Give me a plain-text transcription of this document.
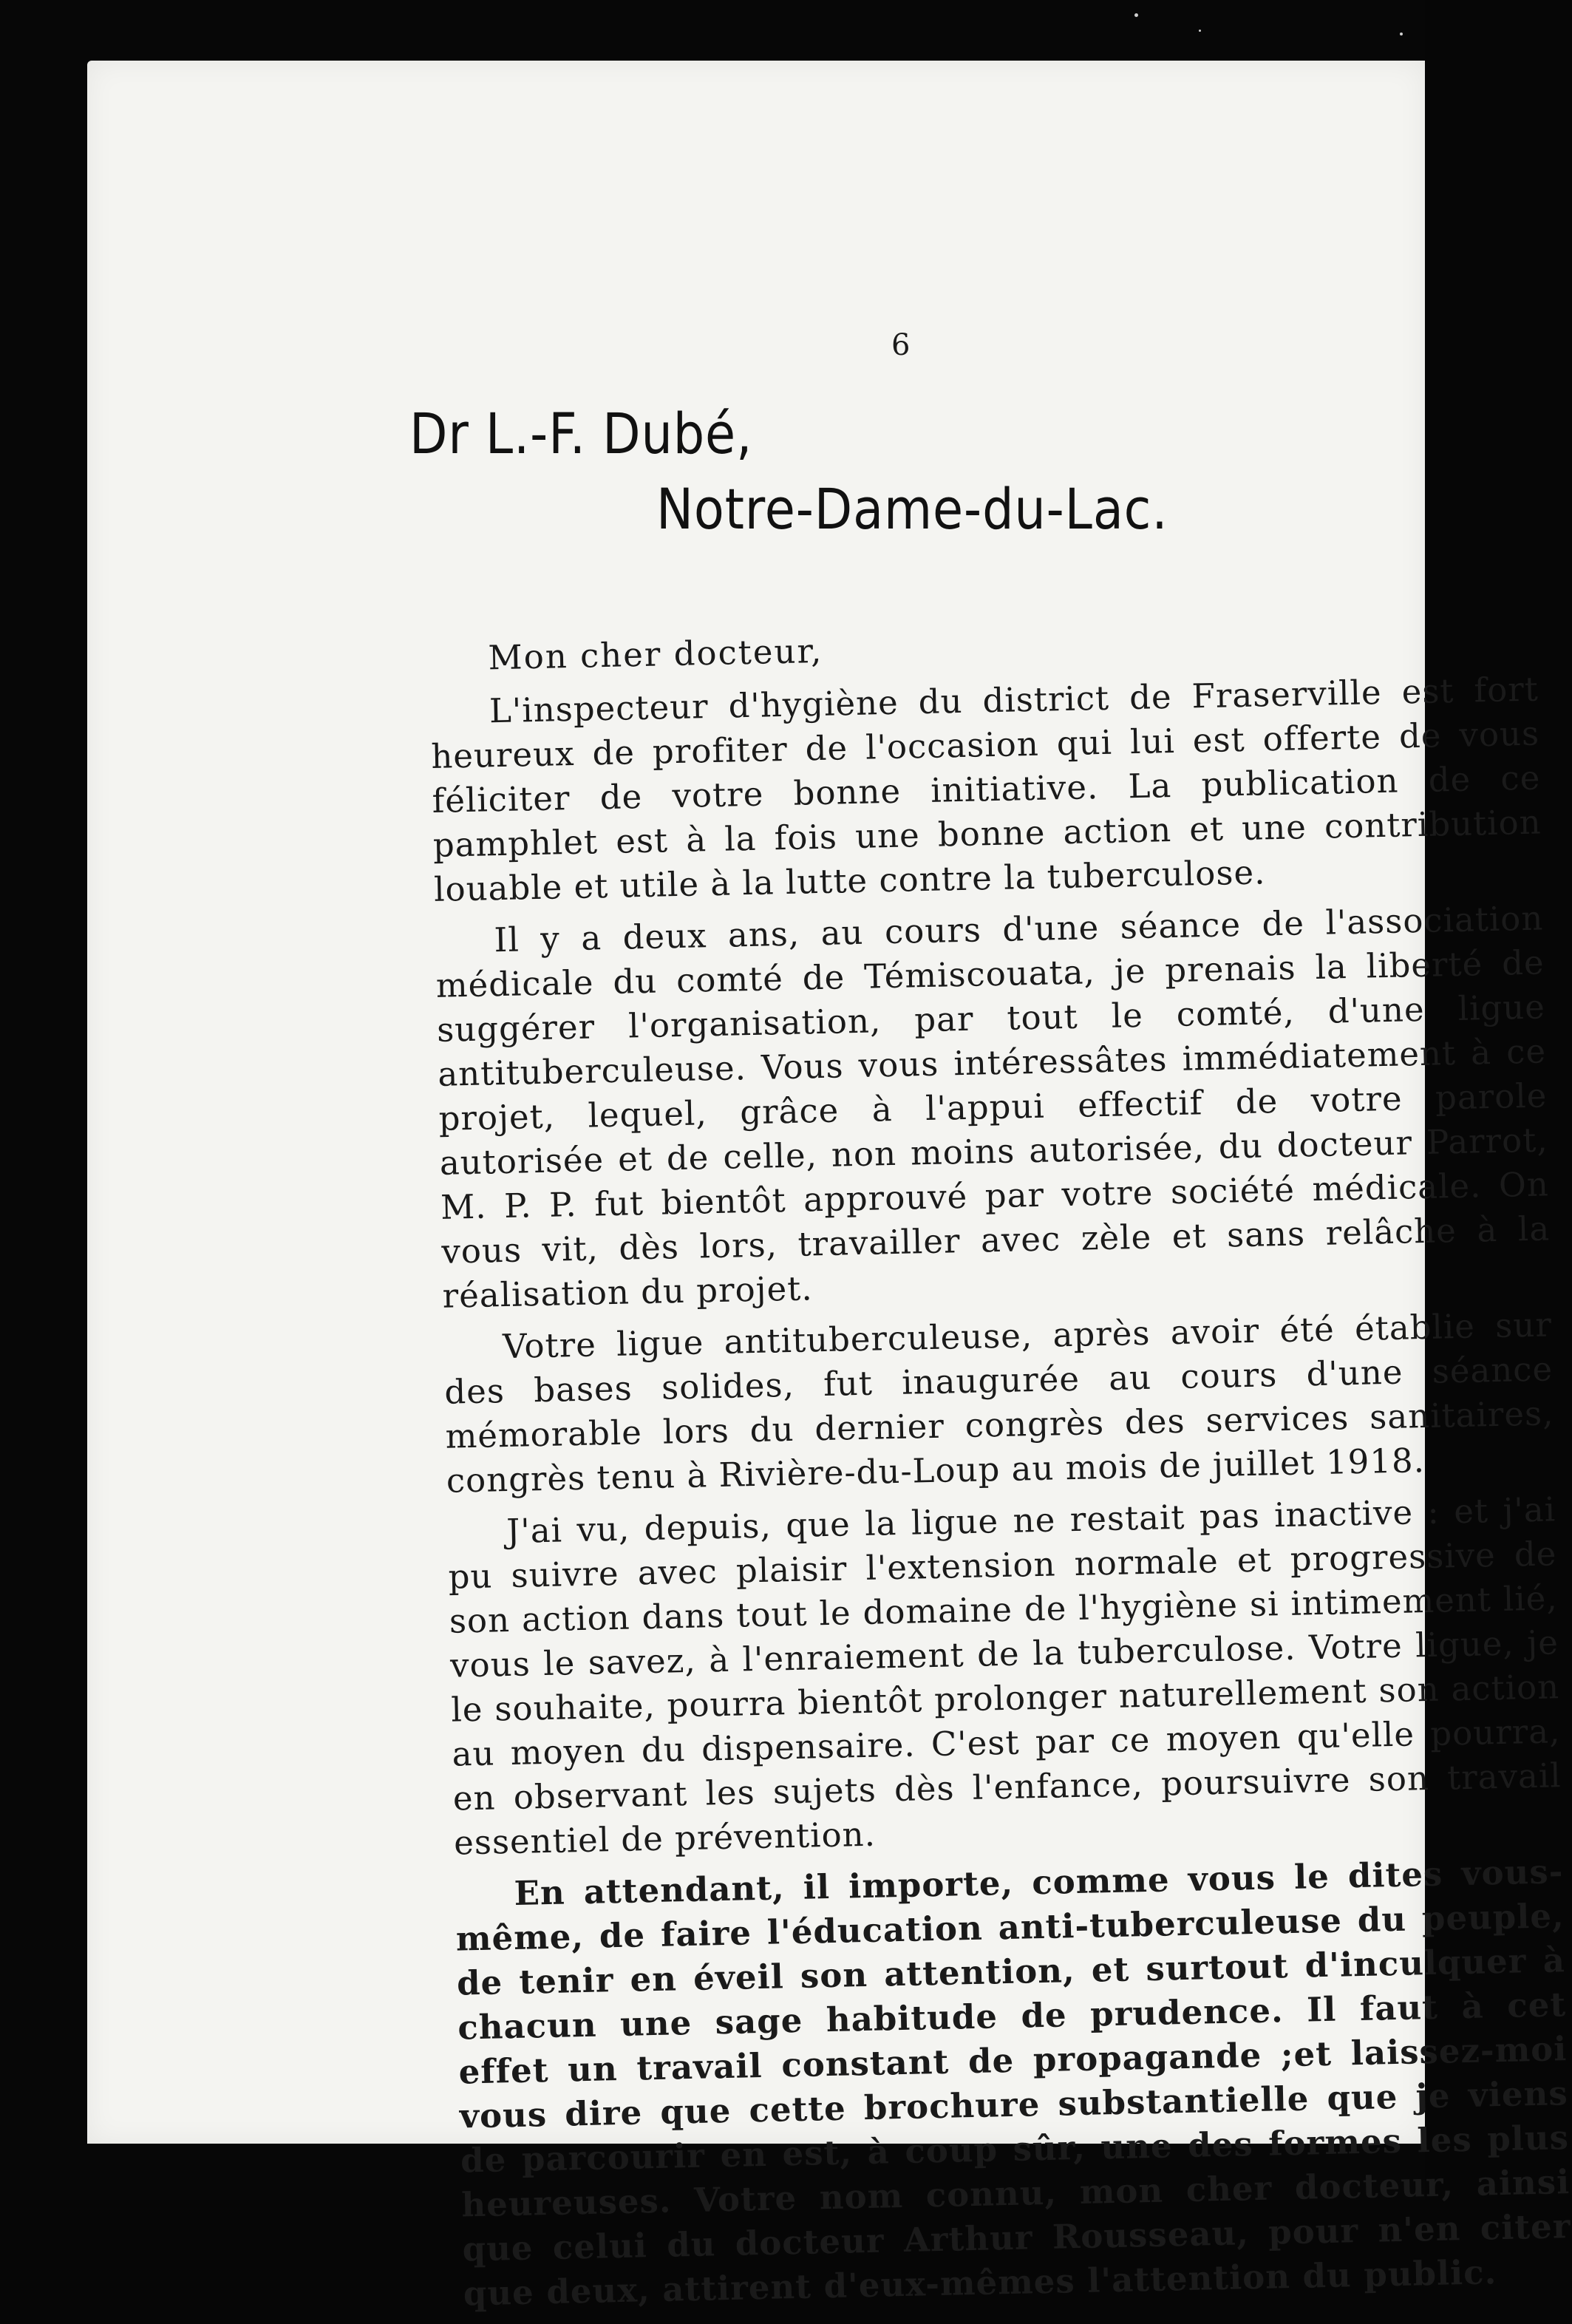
6
Dr L.-F. Dubé,
Notre-Dame-du-Lac.

Mon cher docteur,

L'inspecteur d'hygiène du district de Fraserville est fort heureux de profiter de l'occasion qui lui est offerte de vous féliciter de votre bonne initiative. La publication de ce pamphlet est à la fois une bonne action et une contribution louable et utile à la lutte contre la tuberculose.

Il y a deux ans, au cours d'une séance de l'association médicale du comté de Témiscouata, je prenais la liberté de suggérer l'organisation, par tout le comté, d'une ligue antituberculeuse. Vous vous intéressâtes immédiatement à ce projet, lequel, grâce à l'appui effectif de votre parole autorisée et de celle, non moins autorisée, du docteur Parrot, M. P. P. fut bientôt approuvé par votre société médicale. On vous vit, dès lors, travailler avec zèle et sans relâche à la réalisation du projet.

Votre ligue antituberculeuse, après avoir été établie sur des bases solides, fut inaugurée au cours d'une séance mémorable lors du dernier congrès des services sanitaires, congrès tenu à Rivière-du-Loup au mois de juillet 1918.

J'ai vu, depuis, que la ligue ne restait pas inactive : et j'ai pu suivre avec plaisir l'extension normale et progressive de son action dans tout le domaine de l'hygiène si intimement lié, vous le savez, à l'enraiement de la tuberculose. Votre ligue, je le souhaite, pourra bientôt prolonger naturellement son action au moyen du dispensaire. C'est par ce moyen qu'elle pourra, en observant les sujets dès l'enfance, poursuivre son travail essentiel de prévention.

En attendant, il importe, comme vous le dites vous-même, de faire l'éducation anti-tuberculeuse du peuple, de tenir en éveil son attention, et surtout d'inculquer à chacun une sage habitude de prudence. Il faut à cet effet un travail constant de propagande ;et laissez-moi vous dire que cette brochure substantielle que je viens de parcourir en est, à coup sûr, une des formes les plus heureuses. Votre nom connu, mon cher docteur, ainsi que celui du docteur Arthur Rousseau, pour n'en citer que deux, attirent d'eux-mêmes l'attention du public.
